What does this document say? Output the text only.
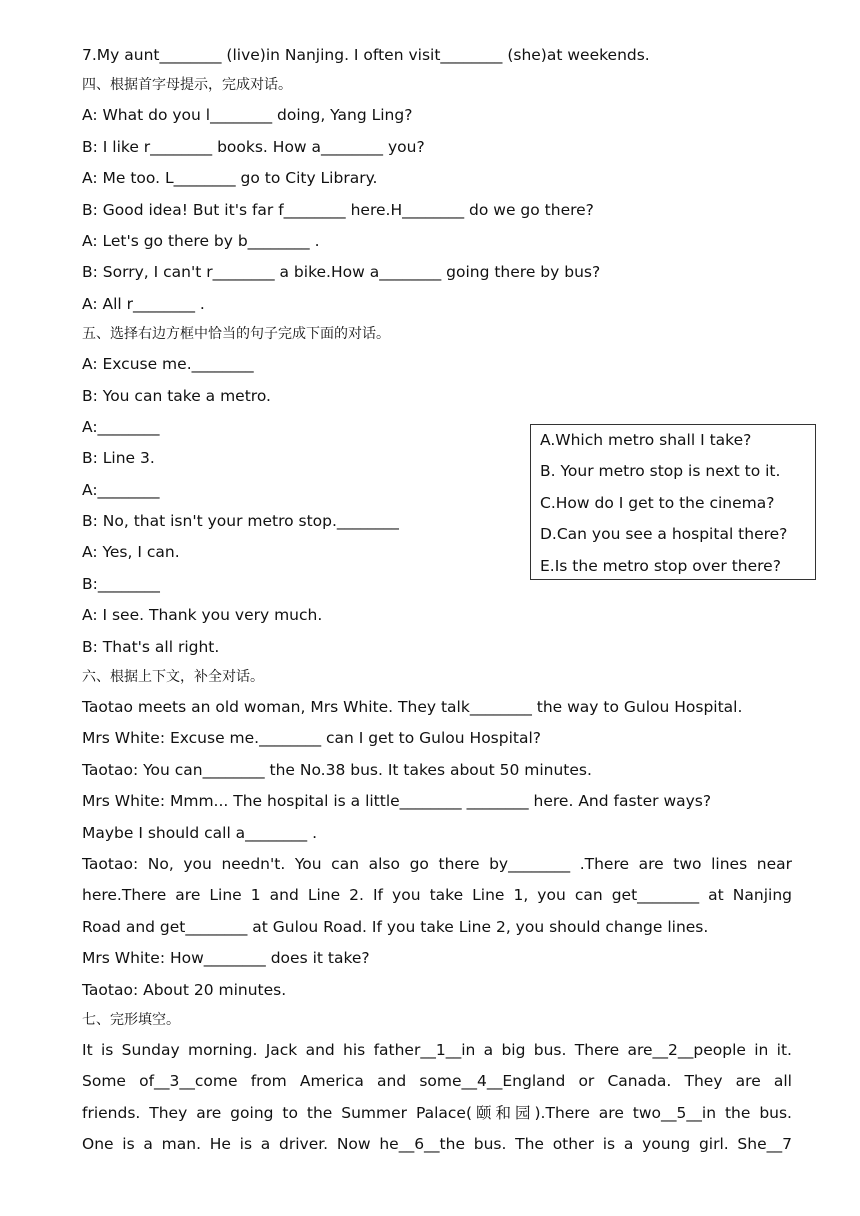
7.My aunt________ (live)in Nanjing. I often visit________ (she)at weekends.
四、根据首字母提示，完成对话。
A: What do you l________ doing, Yang Ling?
B: I like r________ books. How a________ you?
A: Me too. L________ go to City Library.
B: Good idea! But it's far f________ here.H________ do we go there?
A: Let's go there by b________ .
B: Sorry, I can't r________ a bike.How a________ going there by bus?
A: All r________ .
五、选择右边方框中恰当的句子完成下面的对话。
A: Excuse me.________
B: You can take a metro.
A:________
B: Line 3.
A:________
B: No, that isn't your metro stop.________
A: Yes, I can.
B:________
A: I see. Thank you very much.
B: That's all right.
六、根据上下文，补全对话。
Taotao meets an old woman, Mrs White. They talk________ the way to Gulou Hospital.
Mrs White: Excuse me.________ can I get to Gulou Hospital?
Taotao: You can________ the No.38 bus. It takes about 50 minutes.
Mrs White: Mmm... The hospital is a little________ ________ here. And faster ways?
Maybe I should call a________ .
Taotao: No, you needn't. You can also go there by________ .There are two lines near
here.There are Line 1 and Line 2. If you take Line 1, you can get________ at Nanjing
Road and get________ at Gulou Road. If you take Line 2, you should change lines.
Mrs White: How________ does it take?
Taotao: About 20 minutes.
七、完形填空。
It is Sunday morning. Jack and his father__1__in a big bus. There are__2__people in it.
Some of__3__come from America and some__4__England or Canada. They are all
friends. They are going to the Summer Palace(颐和园).There are two__5__in the bus.
One is a man. He is a driver. Now he__6__the bus. The other is a young girl. She__7
A.Which metro shall I take?
B. Your metro stop is next to it.
C.How do I get to the cinema?
D.Can you see a hospital there?
E.Is the metro stop over there?
